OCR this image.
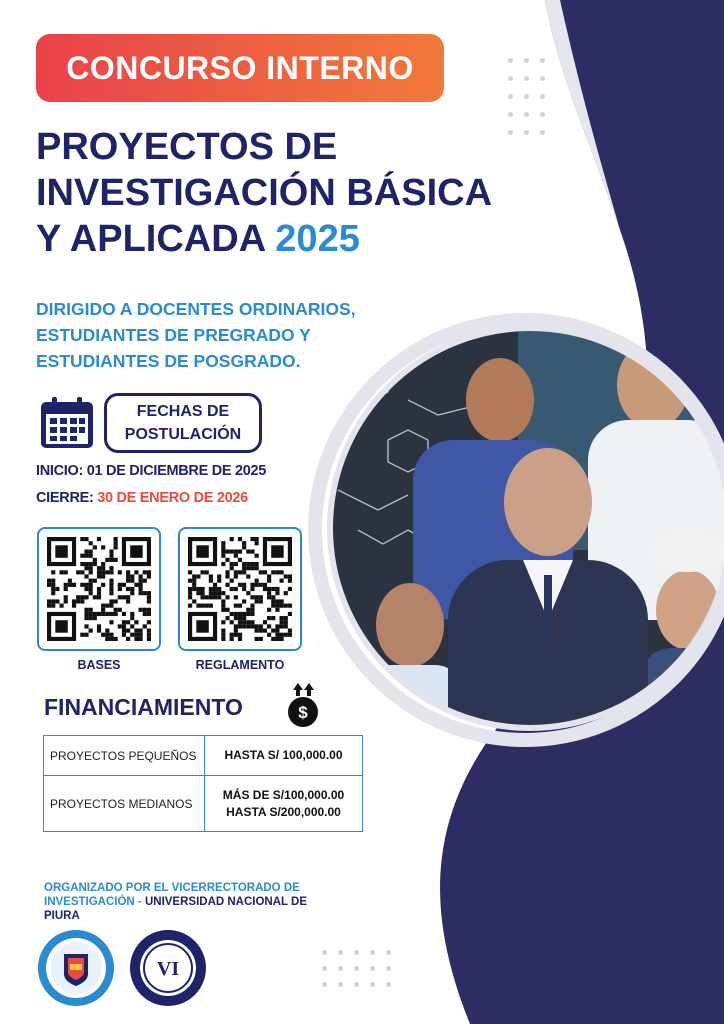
CONCURSO INTERNO
PROYECTOS DE
INVESTIGACIÓN BÁSICA
Y APLICADA 2025
DIRIGIDO A DOCENTES ORDINARIOS,
ESTUDIANTES DE PREGRADO Y
ESTUDIANTES DE POSGRADO.
FECHAS DE
POSTULACIÓN
INICIO: 01 DE DICIEMBRE DE 2025
CIERRE: 30 DE ENERO DE 2026
BASES	REGLAMENTO
FINANCIAMIENTO	$
PROYECTOS PEQUEÑOS	HASTA S/ 100,000.00
PROYECTOS MEDIANOS	MÁS DE S/100,000.00
HASTA S/200,000.00
ORGANIZADO POR EL VICERRECTORADO DE INVESTIGACIÓN - UNIVERSIDAD NACIONAL DE PIURA
VI
